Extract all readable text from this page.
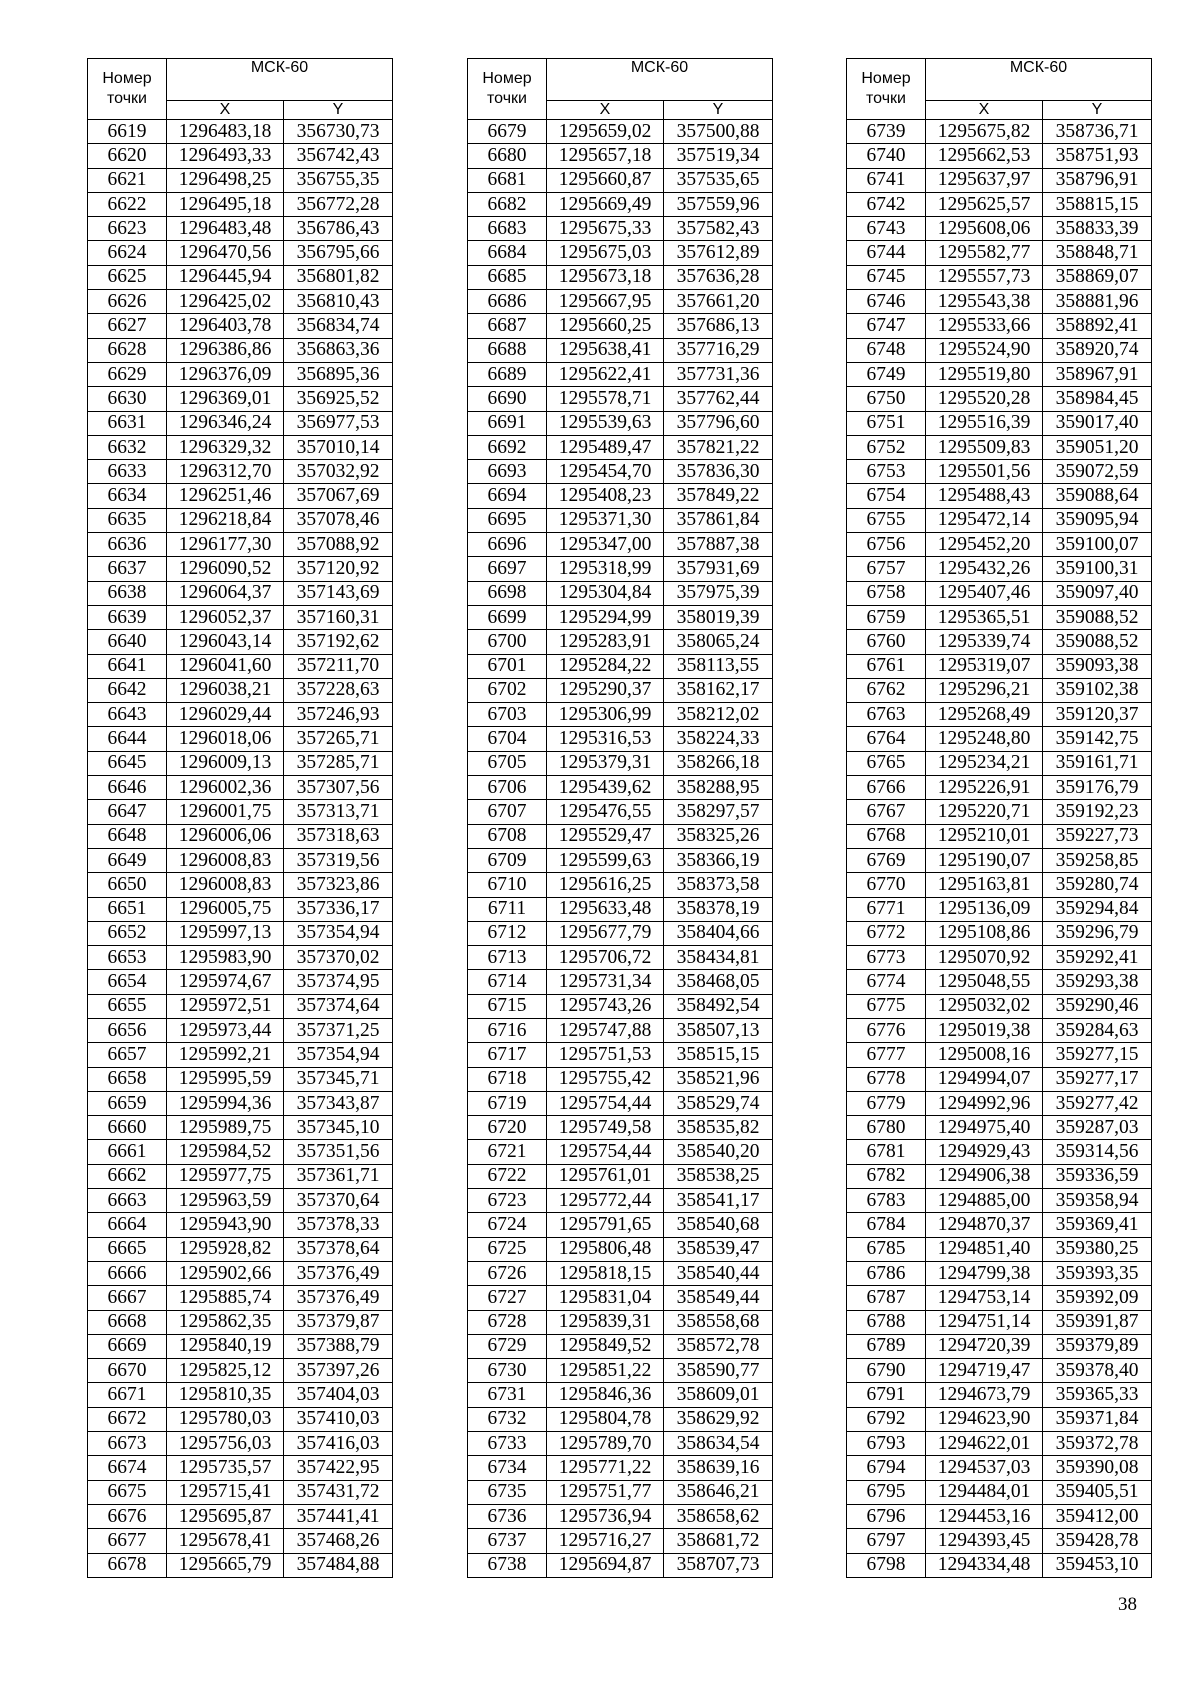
Номер
точки	МСК-60	
	X	Y
6619	1296483,18	356730,73
6620	1296493,33	356742,43
6621	1296498,25	356755,35
6622	1296495,18	356772,28
6623	1296483,48	356786,43
6624	1296470,56	356795,66
6625	1296445,94	356801,82
6626	1296425,02	356810,43
6627	1296403,78	356834,74
6628	1296386,86	356863,36
6629	1296376,09	356895,36
6630	1296369,01	356925,52
6631	1296346,24	356977,53
6632	1296329,32	357010,14
6633	1296312,70	357032,92
6634	1296251,46	357067,69
6635	1296218,84	357078,46
6636	1296177,30	357088,92
6637	1296090,52	357120,92
6638	1296064,37	357143,69
6639	1296052,37	357160,31
6640	1296043,14	357192,62
6641	1296041,60	357211,70
6642	1296038,21	357228,63
6643	1296029,44	357246,93
6644	1296018,06	357265,71
6645	1296009,13	357285,71
6646	1296002,36	357307,56
6647	1296001,75	357313,71
6648	1296006,06	357318,63
6649	1296008,83	357319,56
6650	1296008,83	357323,86
6651	1296005,75	357336,17
6652	1295997,13	357354,94
6653	1295983,90	357370,02
6654	1295974,67	357374,95
6655	1295972,51	357374,64
6656	1295973,44	357371,25
6657	1295992,21	357354,94
6658	1295995,59	357345,71
6659	1295994,36	357343,87
6660	1295989,75	357345,10
6661	1295984,52	357351,56
6662	1295977,75	357361,71
6663	1295963,59	357370,64
6664	1295943,90	357378,33
6665	1295928,82	357378,64
6666	1295902,66	357376,49
6667	1295885,74	357376,49
6668	1295862,35	357379,87
6669	1295840,19	357388,79
6670	1295825,12	357397,26
6671	1295810,35	357404,03
6672	1295780,03	357410,03
6673	1295756,03	357416,03
6674	1295735,57	357422,95
6675	1295715,41	357431,72
6676	1295695,87	357441,41
6677	1295678,41	357468,26
6678	1295665,79	357484,88
Номер
точки	МСК-60	
	X	Y
6679	1295659,02	357500,88
6680	1295657,18	357519,34
6681	1295660,87	357535,65
6682	1295669,49	357559,96
6683	1295675,33	357582,43
6684	1295675,03	357612,89
6685	1295673,18	357636,28
6686	1295667,95	357661,20
6687	1295660,25	357686,13
6688	1295638,41	357716,29
6689	1295622,41	357731,36
6690	1295578,71	357762,44
6691	1295539,63	357796,60
6692	1295489,47	357821,22
6693	1295454,70	357836,30
6694	1295408,23	357849,22
6695	1295371,30	357861,84
6696	1295347,00	357887,38
6697	1295318,99	357931,69
6698	1295304,84	357975,39
6699	1295294,99	358019,39
6700	1295283,91	358065,24
6701	1295284,22	358113,55
6702	1295290,37	358162,17
6703	1295306,99	358212,02
6704	1295316,53	358224,33
6705	1295379,31	358266,18
6706	1295439,62	358288,95
6707	1295476,55	358297,57
6708	1295529,47	358325,26
6709	1295599,63	358366,19
6710	1295616,25	358373,58
6711	1295633,48	358378,19
6712	1295677,79	358404,66
6713	1295706,72	358434,81
6714	1295731,34	358468,05
6715	1295743,26	358492,54
6716	1295747,88	358507,13
6717	1295751,53	358515,15
6718	1295755,42	358521,96
6719	1295754,44	358529,74
6720	1295749,58	358535,82
6721	1295754,44	358540,20
6722	1295761,01	358538,25
6723	1295772,44	358541,17
6724	1295791,65	358540,68
6725	1295806,48	358539,47
6726	1295818,15	358540,44
6727	1295831,04	358549,44
6728	1295839,31	358558,68
6729	1295849,52	358572,78
6730	1295851,22	358590,77
6731	1295846,36	358609,01
6732	1295804,78	358629,92
6733	1295789,70	358634,54
6734	1295771,22	358639,16
6735	1295751,77	358646,21
6736	1295736,94	358658,62
6737	1295716,27	358681,72
6738	1295694,87	358707,73
Номер
точки	МСК-60	
	X	Y
6739	1295675,82	358736,71
6740	1295662,53	358751,93
6741	1295637,97	358796,91
6742	1295625,57	358815,15
6743	1295608,06	358833,39
6744	1295582,77	358848,71
6745	1295557,73	358869,07
6746	1295543,38	358881,96
6747	1295533,66	358892,41
6748	1295524,90	358920,74
6749	1295519,80	358967,91
6750	1295520,28	358984,45
6751	1295516,39	359017,40
6752	1295509,83	359051,20
6753	1295501,56	359072,59
6754	1295488,43	359088,64
6755	1295472,14	359095,94
6756	1295452,20	359100,07
6757	1295432,26	359100,31
6758	1295407,46	359097,40
6759	1295365,51	359088,52
6760	1295339,74	359088,52
6761	1295319,07	359093,38
6762	1295296,21	359102,38
6763	1295268,49	359120,37
6764	1295248,80	359142,75
6765	1295234,21	359161,71
6766	1295226,91	359176,79
6767	1295220,71	359192,23
6768	1295210,01	359227,73
6769	1295190,07	359258,85
6770	1295163,81	359280,74
6771	1295136,09	359294,84
6772	1295108,86	359296,79
6773	1295070,92	359292,41
6774	1295048,55	359293,38
6775	1295032,02	359290,46
6776	1295019,38	359284,63
6777	1295008,16	359277,15
6778	1294994,07	359277,17
6779	1294992,96	359277,42
6780	1294975,40	359287,03
6781	1294929,43	359314,56
6782	1294906,38	359336,59
6783	1294885,00	359358,94
6784	1294870,37	359369,41
6785	1294851,40	359380,25
6786	1294799,38	359393,35
6787	1294753,14	359392,09
6788	1294751,14	359391,87
6789	1294720,39	359379,89
6790	1294719,47	359378,40
6791	1294673,79	359365,33
6792	1294623,90	359371,84
6793	1294622,01	359372,78
6794	1294537,03	359390,08
6795	1294484,01	359405,51
6796	1294453,16	359412,00
6797	1294393,45	359428,78
6798	1294334,48	359453,10
38
